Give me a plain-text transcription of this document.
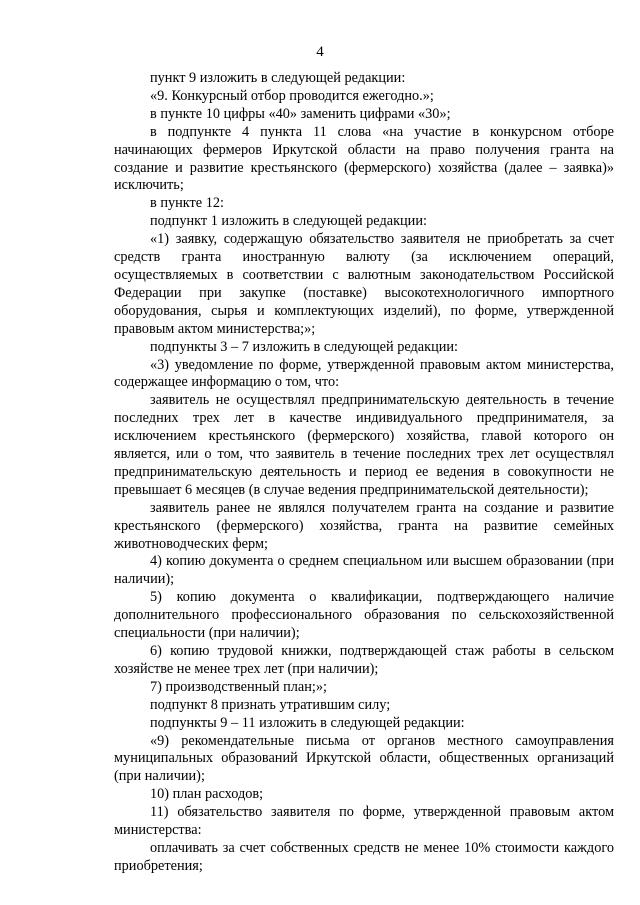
4

пункт 9 изложить в следующей редакции:

«9. Конкурсный отбор проводится ежегодно.»;

в пункте 10 цифры «40» заменить цифрами «30»;

в подпункте 4 пункта 11 слова «на участие в конкурсном отборе начинающих фермеров Иркутской области на право получения гранта на создание и развитие крестьянского (фермерского) хозяйства (далее – заявка)» исключить;

в пункте 12:

подпункт 1 изложить в следующей редакции:

«1) заявку, содержащую обязательство заявителя не приобретать за счет средств гранта иностранную валюту (за исключением операций, осуществляемых в соответствии с валютным законодательством Российской Федерации при закупке (поставке) высокотехнологичного импортного оборудования, сырья и комплектующих изделий), по форме, утвержденной правовым актом министерства;»;

подпункты 3 – 7 изложить в следующей редакции:

«3) уведомление по форме, утвержденной правовым актом министерства, содержащее информацию о том, что:

заявитель не осуществлял предпринимательскую деятельность в течение последних трех лет в качестве индивидуального предпринимателя, за исключением крестьянского (фермерского) хозяйства, главой которого он является, или о том, что заявитель в течение последних трех лет осуществлял предпринимательскую деятельность и период ее ведения в совокупности не превышает 6 месяцев (в случае ведения предпринимательской деятельности);

заявитель ранее не являлся получателем гранта на создание и развитие крестьянского (фермерского) хозяйства, гранта на развитие семейных животноводческих ферм;

4) копию документа о среднем специальном или высшем образовании (при наличии);

5) копию документа о квалификации, подтверждающего наличие дополнительного профессионального образования по сельскохозяйственной специальности (при наличии);

6) копию трудовой книжки, подтверждающей стаж работы в сельском хозяйстве не менее трех лет (при наличии);

7) производственный план;»;

подпункт 8 признать утратившим силу;

подпункты 9 – 11 изложить в следующей редакции:

«9) рекомендательные письма от органов местного самоуправления муниципальных образований Иркутской области, общественных организаций (при наличии);

10) план расходов;

11) обязательство заявителя по форме, утвержденной правовым актом министерства:

оплачивать за счет собственных средств не менее 10% стоимости каждого приобретения;
